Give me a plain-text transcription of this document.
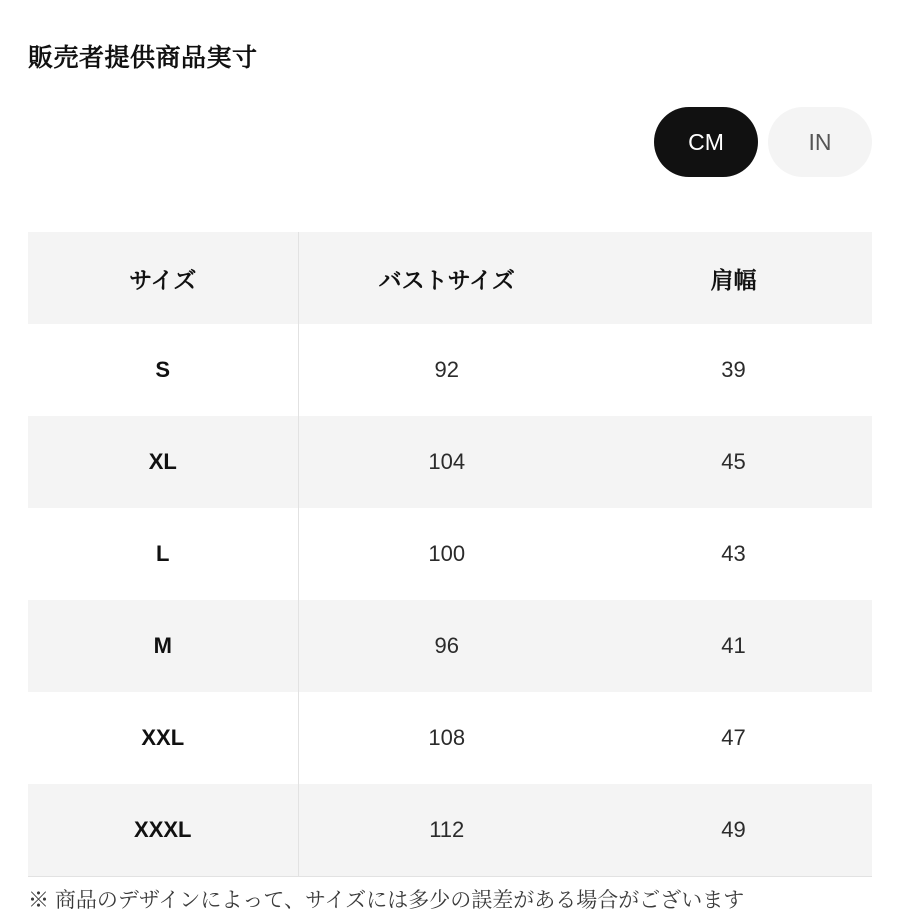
販売者提供商品実寸
CM	IN
サイズ	バストサイズ	肩幅
S	92	39
XL	104	45
L	100	43
M	96	41
XXL	108	47
XXXL	112	49
※ 商品のデザインによって、サイズには多少の誤差がある場合がございます
